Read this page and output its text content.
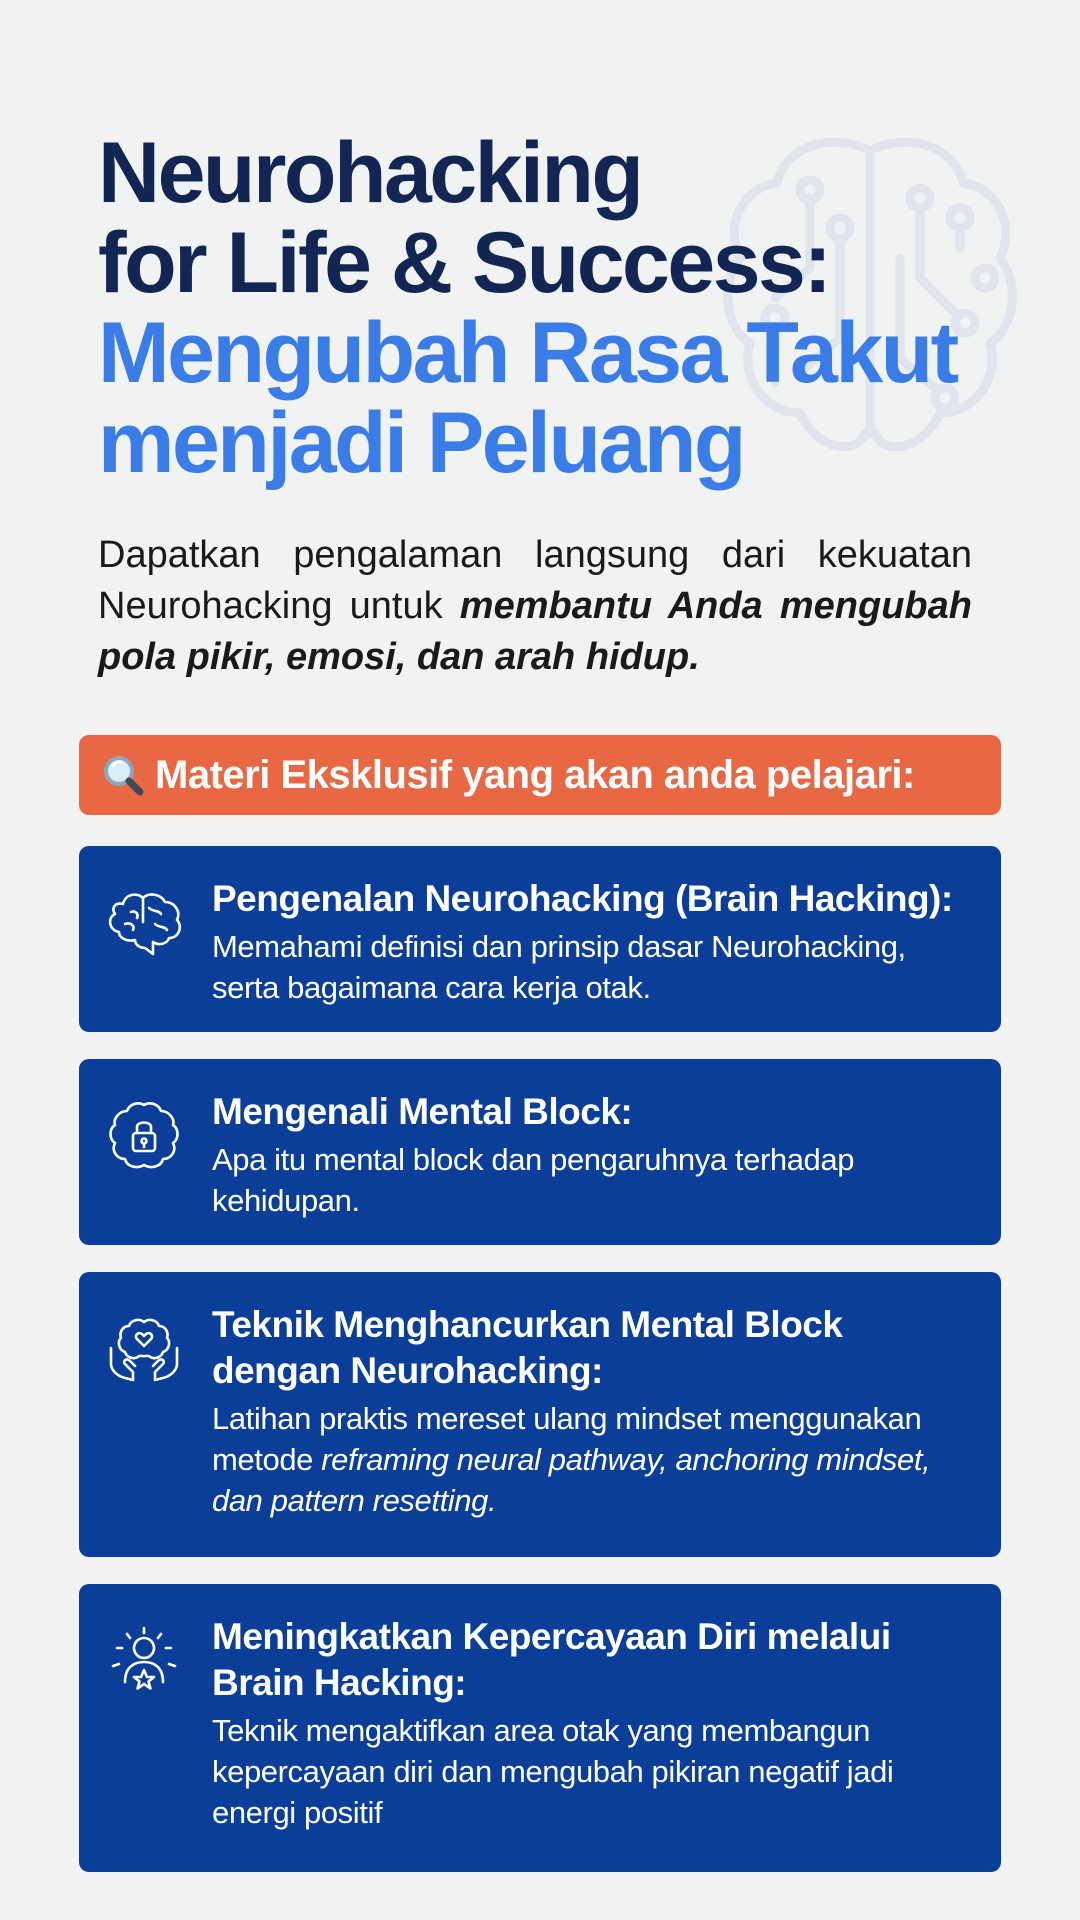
Neurohacking
for Life & Success:
Mengubah Rasa Takut
menjadi Peluang
Dapatkan pengalaman langsung dari kekuatan Neurohacking untuk membantu Anda mengubah pola pikir, emosi, dan arah hidup.
Materi Eksklusif yang akan anda pelajari:
Pengenalan Neurohacking (Brain Hacking):
Memahami definisi dan prinsip dasar Neurohacking, serta bagaimana cara kerja otak.
Mengenali Mental Block:
Apa itu mental block dan pengaruhnya terhadap kehidupan.
Teknik Menghancurkan Mental Block dengan Neurohacking:
Latihan praktis mereset ulang mindset menggunakan metode reframing neural pathway, anchoring mindset, dan pattern resetting.
Meningkatkan Kepercayaan Diri melalui Brain Hacking:
Teknik mengaktifkan area otak yang membangun kepercayaan diri dan mengubah pikiran negatif jadi energi positif
